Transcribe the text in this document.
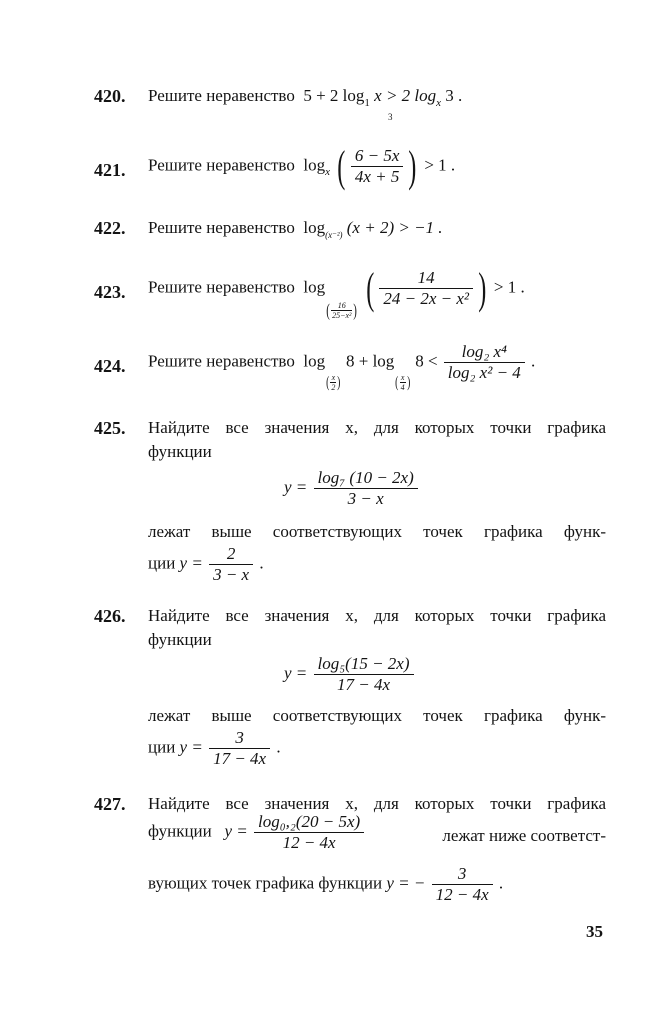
420. Решите неравенство 5 + 2 $\log_1 x > 2$ $\log_x 3$ .
3
421. Решите неравенство $\log_x$ ( $\frac{6 - 5x}{4x + 5}$ ) > 1 .
422. Решите неравенство $\log_{(x^{-2})} (x + 2) > -1$ .
423. Решите неравенство $\log( \frac{16}{\text{25−x²}}$ ) ( $\frac{14}{\text{24 − 2x − x²}}$ ) > 1 .
424. Решите неравенство $\log( \frac{x}{2}$ ) $8 + \log( \frac{x}{4}$ ) $8 < \frac{\text{log₂ x⁴}}{\text{log₂ x² − 4}}$ .
425. Найдите все значения x, для которых точки графика
функции
$y = \frac{\text{log₇ (10 − 2x)}}{3 - x}$
лежат выше соответствующих точек графика функ-
ции $y = \frac{2}{3 - x}$ .
426. Найдите все значения x, для которых точки графика
функции
$y = \frac{\text{log₅(15 − 2x)}}{17 - 4x}$
лежат выше соответствующих точек графика функ-
ции $y = \frac{3}{17 - 4x}$ .
427. Найдите все значения x, для которых точки графика
функции $y = \frac{\text{log₀,₂(20 − 5x)}}{12 - 4x}$	лежат ниже соответст-
вующих точек графика функции y = − $\frac{3}{12 - 4x}$ .
35
